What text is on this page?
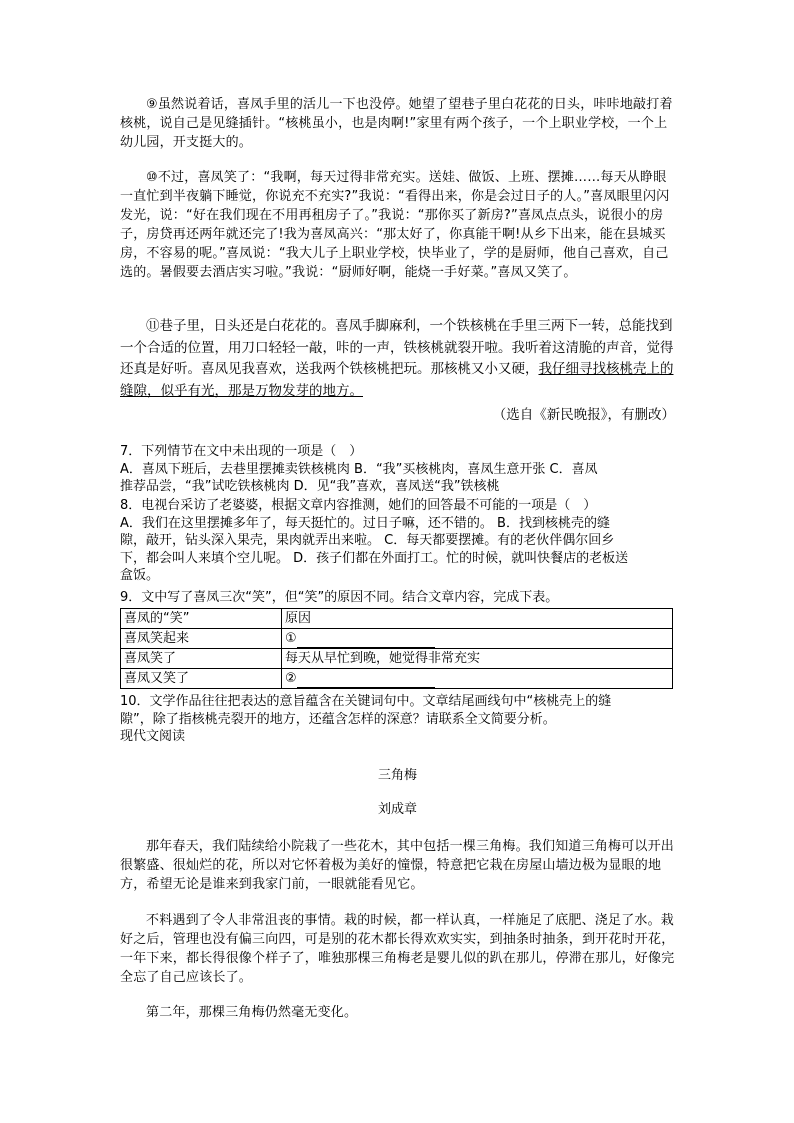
⑨虽然说着话，喜凤手里的活儿一下也没停。她望了望巷子里白花花的日头，咔咔地敲打着核桃，说自己是见缝插针。“核桃虽小，也是肉啊!”家里有两个孩子，一个上职业学校，一个上幼儿园，开支挺大的。
⑩不过，喜凤笑了：“我啊，每天过得非常充实。送娃、做饭、上班、摆摊……每天从睁眼一直忙到半夜躺下睡觉，你说充不充实?”我说：“看得出来，你是会过日子的人。”喜凤眼里闪闪发光，说：“好在我们现在不用再租房子了。”我说：“那你买了新房?”喜凤点点头，说很小的房子，房贷再还两年就还完了!我为喜凤高兴：“那太好了，你真能干啊!从乡下出来，能在县城买房，不容易的呢。”喜凤说：“我大儿子上职业学校，快毕业了，学的是厨师，他自己喜欢，自己选的。暑假要去酒店实习啦。”我说：“厨师好啊，能烧一手好菜。”喜凤又笑了。
⑪巷子里，日头还是白花花的。喜凤手脚麻利，一个铁核桃在手里三两下一转，总能找到一个合适的位置，用刀口轻轻一敲，咔的一声，铁核桃就裂开啦。我听着这清脆的声音，觉得还真是好听。喜凤见我喜欢，送我两个铁核桃把玩。那核桃又小又硬，我仔细寻找核桃壳上的缝隙，似乎有光，那是万物发芽的地方。
（选自《新民晚报》，有删改）
7．下列情节在文中未出现的一项是（　）
A．喜凤下班后，去巷里摆摊卖铁核桃肉 B．“我”买核桃肉，喜凤生意开张 C．喜凤
推荐品尝，“我”试吃铁核桃肉 D．见“我”喜欢，喜凤送“我”铁核桃
8．电视台采访了老婆婆，根据文章内容推测，她们的回答最不可能的一项是（　）
A．我们在这里摆摊多年了，每天挺忙的。过日子嘛，还不错的。 B．找到核桃壳的缝
隙，敲开，钻头深入果壳，果肉就弄出来啦。 C．每天都要摆摊。有的老伙伴偶尔回乡
下，都会叫人来填个空儿呢。 D．孩子们都在外面打工。忙的时候，就叫快餐店的老板送
盒饭。
9．文中写了喜凤三次“笑”，但“笑”的原因不同。结合文章内容，完成下表。
喜凤的“笑”	原因
喜凤笑起来	①
喜凤笑了	每天从早忙到晚，她觉得非常充实
喜凤又笑了	②
10．文学作品往往把表达的意旨蕴含在关键词句中。文章结尾画线句中“核桃壳上的缝
隙”，除了指核桃壳裂开的地方，还蕴含怎样的深意？请联系全文简要分析。
现代文阅读
三角梅
刘成章
那年春天，我们陆续给小院栽了一些花木，其中包括一棵三角梅。我们知道三角梅可以开出很繁盛、很灿烂的花，所以对它怀着极为美好的憧憬，特意把它栽在房屋山墙边极为显眼的地方，希望无论是谁来到我家门前，一眼就能看见它。
不料遇到了令人非常沮丧的事情。栽的时候，都一样认真，一样施足了底肥、浇足了水。栽好之后，管理也没有偏三向四，可是别的花木都长得欢欢实实，到抽条时抽条，到开花时开花，一年下来，都长得很像个样子了，唯独那棵三角梅老是婴儿似的趴在那儿，停滞在那儿，好像完全忘了自己应该长了。
第二年，那棵三角梅仍然毫无变化。
